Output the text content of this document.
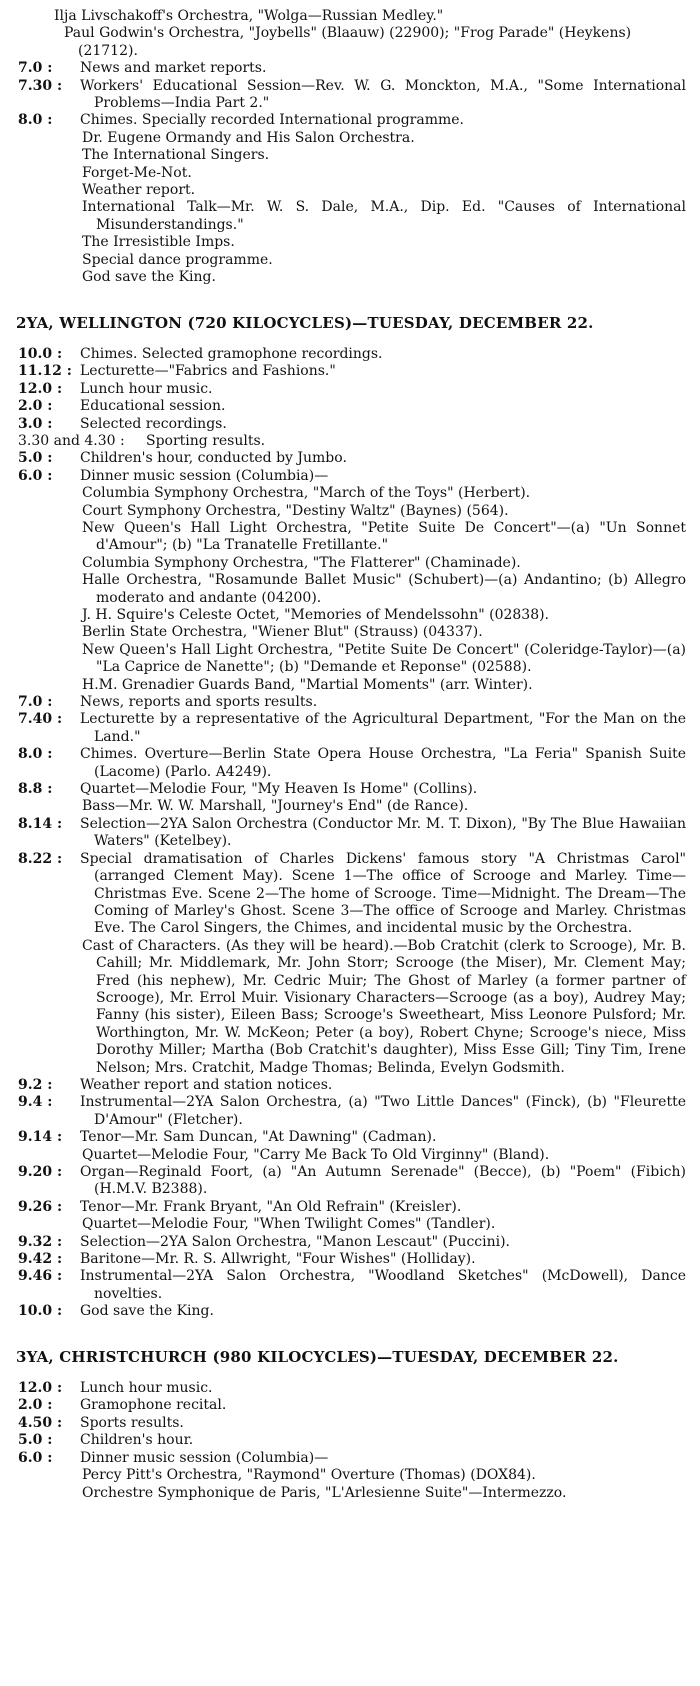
Ilja Livschakoff's Orchestra, "Wolga—Russian Medley."

Paul Godwin's Orchestra, "Joybells" (Blaauw) (22900); "Frog Parade" (Heykens) (21712).

7.0 :	News and market reports.
7.30 :	Workers' Educational Session—Rev. W. G. Monckton, M.A., "Some International Problems—India Part 2."
8.0 :	Chimes. Specially recorded International programme.

Dr. Eugene Ormandy and His Salon Orchestra.

The International Singers.

Forget-Me-Not.

Weather report.

International Talk—Mr. W. S. Dale, M.A., Dip. Ed. "Causes of International Misunderstandings."

The Irresistible Imps.

Special dance programme.

God save the King.

2YA, WELLINGTON (720 KILOCYCLES)—TUESDAY, DECEMBER 22.
10.0 :	Chimes. Selected gramophone recordings.
11.12 : Lecturette—"Fabrics and Fashions."
12.0 :	Lunch hour music.
2.0 :	Educational session.
3.0 :	Selected recordings.
3.30 and 4.30 :	Sporting results.
5.0 :	Children's hour, conducted by Jumbo.
6.0 :	Dinner music session (Columbia)—

Columbia Symphony Orchestra, "March of the Toys" (Herbert).

Court Symphony Orchestra, "Destiny Waltz" (Baynes) (564).

New Queen's Hall Light Orchestra, "Petite Suite De Concert"—(a) "Un Sonnet d'Amour"; (b) "La Tranatelle Fretillante."

Columbia Symphony Orchestra, "The Flatterer" (Chaminade).

Halle Orchestra, "Rosamunde Ballet Music" (Schubert)—(a) Andantino; (b) Allegro moderato and andante (04200).

J. H. Squire's Celeste Octet, "Memories of Mendelssohn" (02838).

Berlin State Orchestra, "Wiener Blut" (Strauss) (04337).

New Queen's Hall Light Orchestra, "Petite Suite De Concert" (Coleridge-Taylor)—(a) "La Caprice de Nanette"; (b) "Demande et Reponse" (02588).

H.M. Grenadier Guards Band, "Martial Moments" (arr. Winter).

7.0 :	News, reports and sports results.
7.40 :	Lecturette by a representative of the Agricultural Department, "For the Man on the Land."
8.0 :	Chimes. Overture—Berlin State Opera House Orchestra, "La Feria" Spanish Suite (Lacome) (Parlo. A4249).
8.8 :	Quartet—Melodie Four, "My Heaven Is Home" (Collins).

Bass—Mr. W. W. Marshall, "Journey's End" (de Rance).

8.14 :	Selection—2YA Salon Orchestra (Conductor Mr. M. T. Dixon), "By The Blue Hawaiian Waters" (Ketelbey).
8.22 :	Special dramatisation of Charles Dickens' famous story "A Christmas Carol" (arranged Clement May). Scene 1—The office of Scrooge and Marley. Time—Christmas Eve. Scene 2—The home of Scrooge. Time—Midnight. The Dream—The Coming of Marley's Ghost. Scene 3—The office of Scrooge and Marley. Christmas Eve. The Carol Singers, the Chimes, and incidental music by the Orchestra.

Cast of Characters. (As they will be heard).—Bob Cratchit (clerk to Scrooge), Mr. B. Cahill; Mr. Middlemark, Mr. John Storr; Scrooge (the Miser), Mr. Clement May; Fred (his nephew), Mr. Cedric Muir; The Ghost of Marley (a former partner of Scrooge), Mr. Errol Muir. Visionary Characters—Scrooge (as a boy), Audrey May; Fanny (his sister), Eileen Bass; Scrooge's Sweetheart, Miss Leonore Pulsford; Mr. Worthington, Mr. W. McKeon; Peter (a boy), Robert Chyne; Scrooge's niece, Miss Dorothy Miller; Martha (Bob Cratchit's daughter), Miss Esse Gill; Tiny Tim, Irene Nelson; Mrs. Cratchit, Madge Thomas; Belinda, Evelyn Godsmith.

9.2 :	Weather report and station notices.
9.4 :	Instrumental—2YA Salon Orchestra, (a) "Two Little Dances" (Finck), (b) "Fleurette D'Amour" (Fletcher).
9.14 :	Tenor—Mr. Sam Duncan, "At Dawning" (Cadman).

Quartet—Melodie Four, "Carry Me Back To Old Virginny" (Bland).

9.20 :	Organ—Reginald Foort, (a) "An Autumn Serenade" (Becce), (b) "Poem" (Fibich) (H.M.V. B2388).
9.26 :	Tenor—Mr. Frank Bryant, "An Old Refrain" (Kreisler).

Quartet—Melodie Four, "When Twilight Comes" (Tandler).

9.32 :	Selection—2YA Salon Orchestra, "Manon Lescaut" (Puccini).
9.42 :	Baritone—Mr. R. S. Allwright, "Four Wishes" (Holliday).
9.46 :	Instrumental—2YA Salon Orchestra, "Woodland Sketches" (McDowell), Dance novelties.
10.0 :	God save the King.
3YA, CHRISTCHURCH (980 KILOCYCLES)—TUESDAY, DECEMBER 22.
12.0 :	Lunch hour music.
2.0 :	Gramophone recital.
4.50 :	Sports results.
5.0 :	Children's hour.
6.0 :	Dinner music session (Columbia)—

Percy Pitt's Orchestra, "Raymond" Overture (Thomas) (DOX84).

Orchestre Symphonique de Paris, "L'Arlesienne Suite"—Intermezzo.
